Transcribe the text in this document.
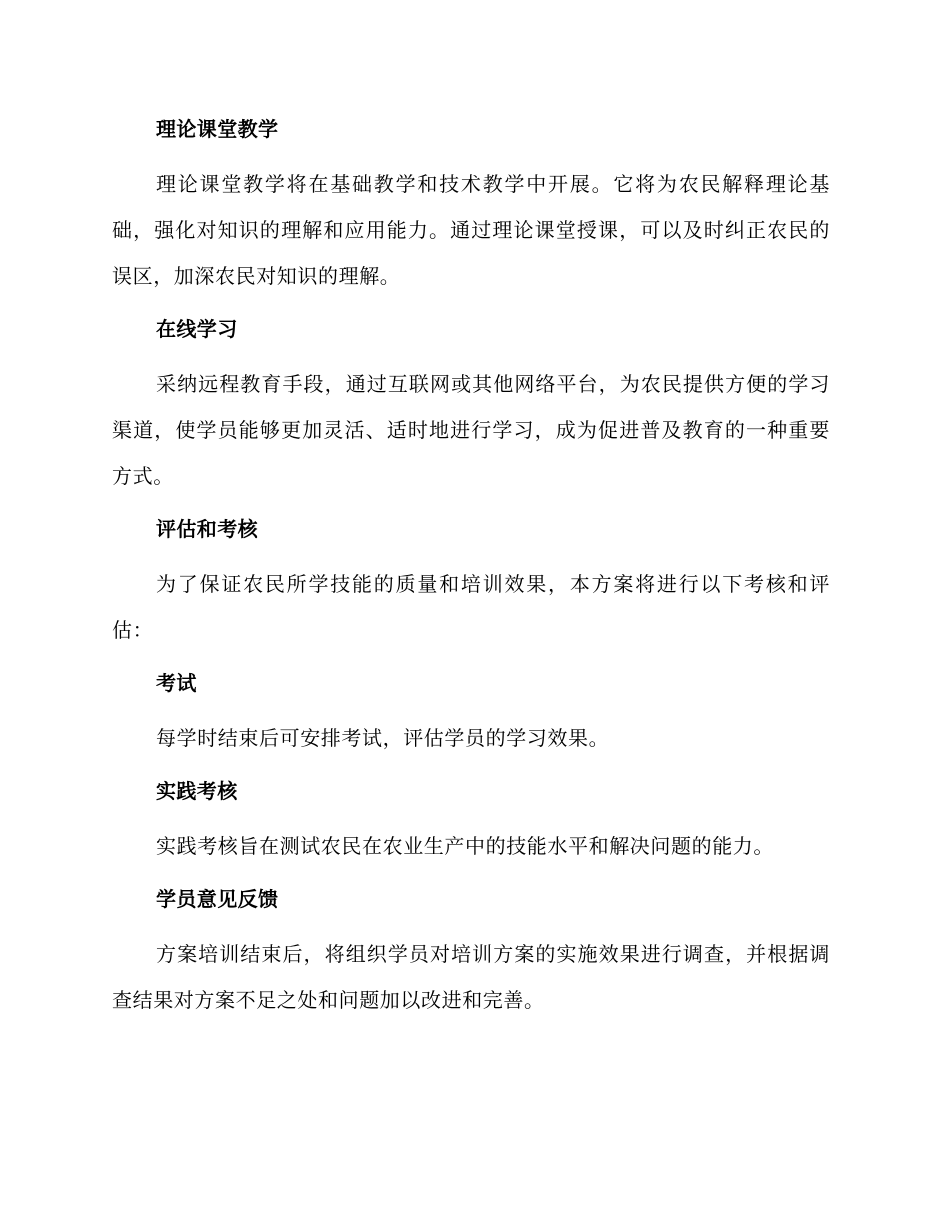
理论课堂教学

理论课堂教学将在基础教学和技术教学中开展。它将为农民解释理论基础，强化对知识的理解和应用能力。通过理论课堂授课，可以及时纠正农民的误区，加深农民对知识的理解。

在线学习

采纳远程教育手段，通过互联网或其他网络平台，为农民提供方便的学习渠道，使学员能够更加灵活、适时地进行学习，成为促进普及教育的一种重要方式。

评估和考核

为了保证农民所学技能的质量和培训效果，本方案将进行以下考核和评估：

考试

每学时结束后可安排考试，评估学员的学习效果。

实践考核

实践考核旨在测试农民在农业生产中的技能水平和解决问题的能力。

学员意见反馈

方案培训结束后，将组织学员对培训方案的实施效果进行调查，并根据调查结果对方案不足之处和问题加以改进和完善。
